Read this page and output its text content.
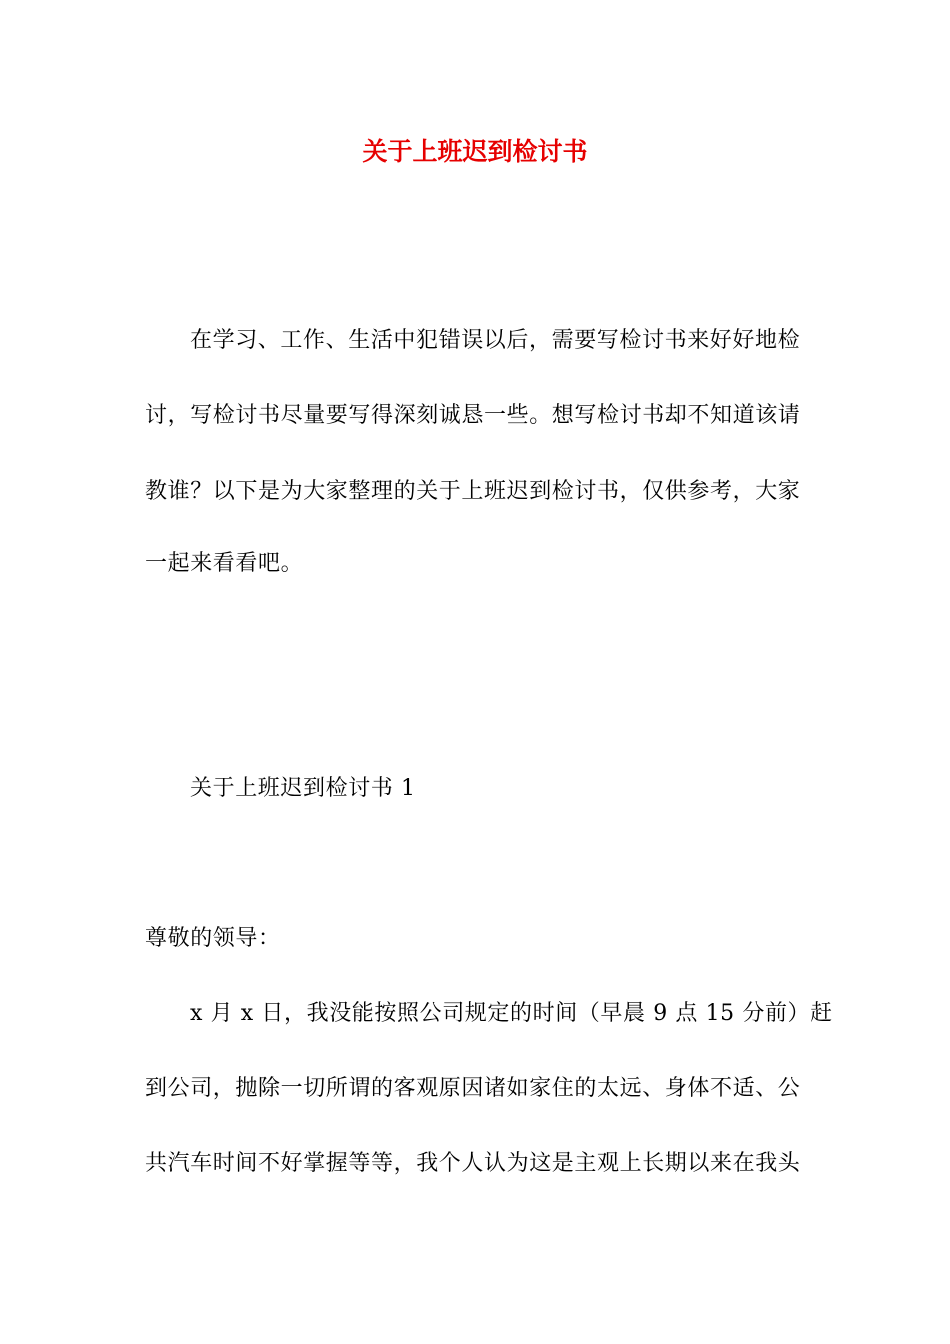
关于上班迟到检讨书

在学习、工作、生活中犯错误以后，需要写检讨书来好好地检

讨，写检讨书尽量要写得深刻诚恳一些。想写检讨书却不知道该请

教谁？以下是为大家整理的关于上班迟到检讨书，仅供参考，大家

一起来看看吧。

关于上班迟到检讨书 1

尊敬的领导：

x 月 x 日，我没能按照公司规定的时间（早晨 9 点 15 分前）赶

到公司，抛除一切所谓的客观原因诸如家住的太远、身体不适、公

共汽车时间不好掌握等等，我个人认为这是主观上长期以来在我头
